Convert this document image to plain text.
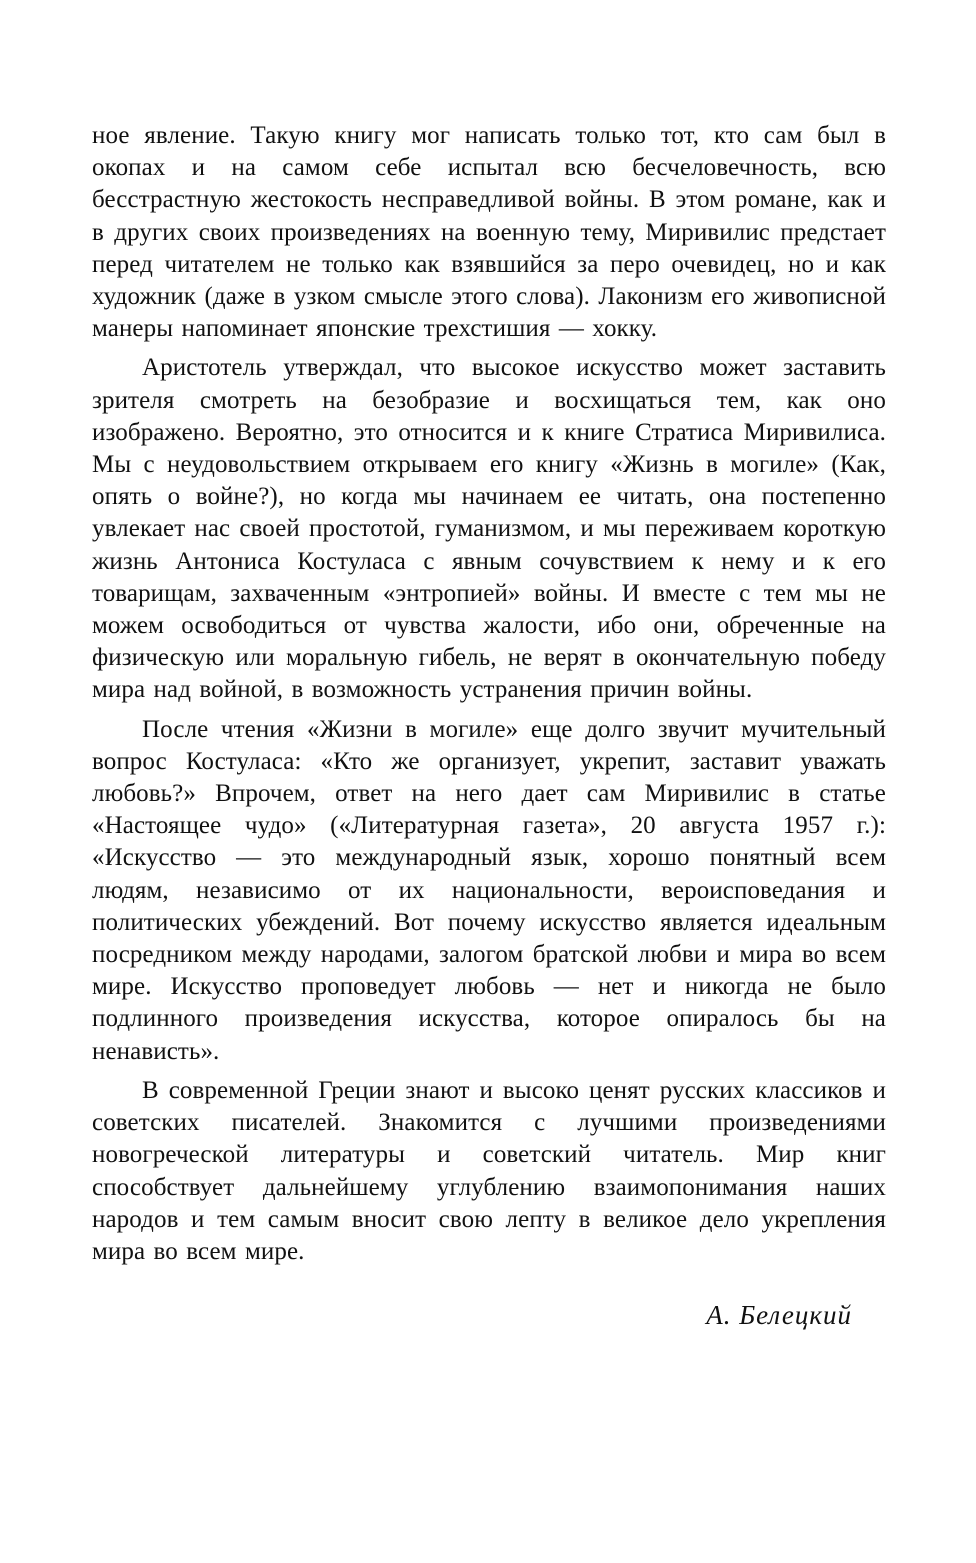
ное явление. Такую книгу мог написать только тот, кто сам был в окопах и на самом себе испытал всю бесчеловечность, всю бесстрастную жестокость несправедливой войны. В этом романе, как и в других своих произведениях на военную тему, Миривилис предстает перед читателем не только как взявшийся за перо очевидец, но и как художник (даже в узком смысле этого слова). Лаконизм его живописной манеры напоминает японские трехстишия — хокку.

Аристотель утверждал, что высокое искусство может заставить зрителя смотреть на безобразие и восхищаться тем, как оно изображено. Вероятно, это относится и к книге Стратиса Миривилиса. Мы с неудовольствием открываем его книгу «Жизнь в могиле» (Как, опять о войне?), но когда мы начинаем ее читать, она постепенно увлекает нас своей простотой, гуманизмом, и мы переживаем короткую жизнь Антониса Костуласа с явным сочувствием к нему и к его товарищам, захваченным «энтропией» войны. И вместе с тем мы не можем освободиться от чувства жалости, ибо они, обреченные на физическую или моральную гибель, не верят в окончательную победу мира над войной, в возможность устранения причин войны.

После чтения «Жизни в могиле» еще долго звучит мучительный вопрос Костуласа: «Кто же организует, укрепит, заставит уважать любовь?» Впрочем, ответ на него дает сам Миривилис в статье «Настоящее чудо» («Литературная газета», 20 августа 1957 г.): «Искусство — это международный язык, хорошо понятный всем людям, независимо от их национальности, вероисповедания и политических убеждений. Вот почему искусство является идеальным посредником между народами, залогом братской любви и мира во всем мире. Искусство проповедует любовь — нет и никогда не было подлинного произведения искусства, которое опиралось бы на ненависть».

В современной Греции знают и высоко ценят русских классиков и советских писателей. Знакомится с лучшими произведениями новогреческой литературы и советский читатель. Мир книг способствует дальнейшему углублению взаимопонимания наших народов и тем самым вносит свою лепту в великое дело укрепления мира во всем мире.

А. Белецкий
